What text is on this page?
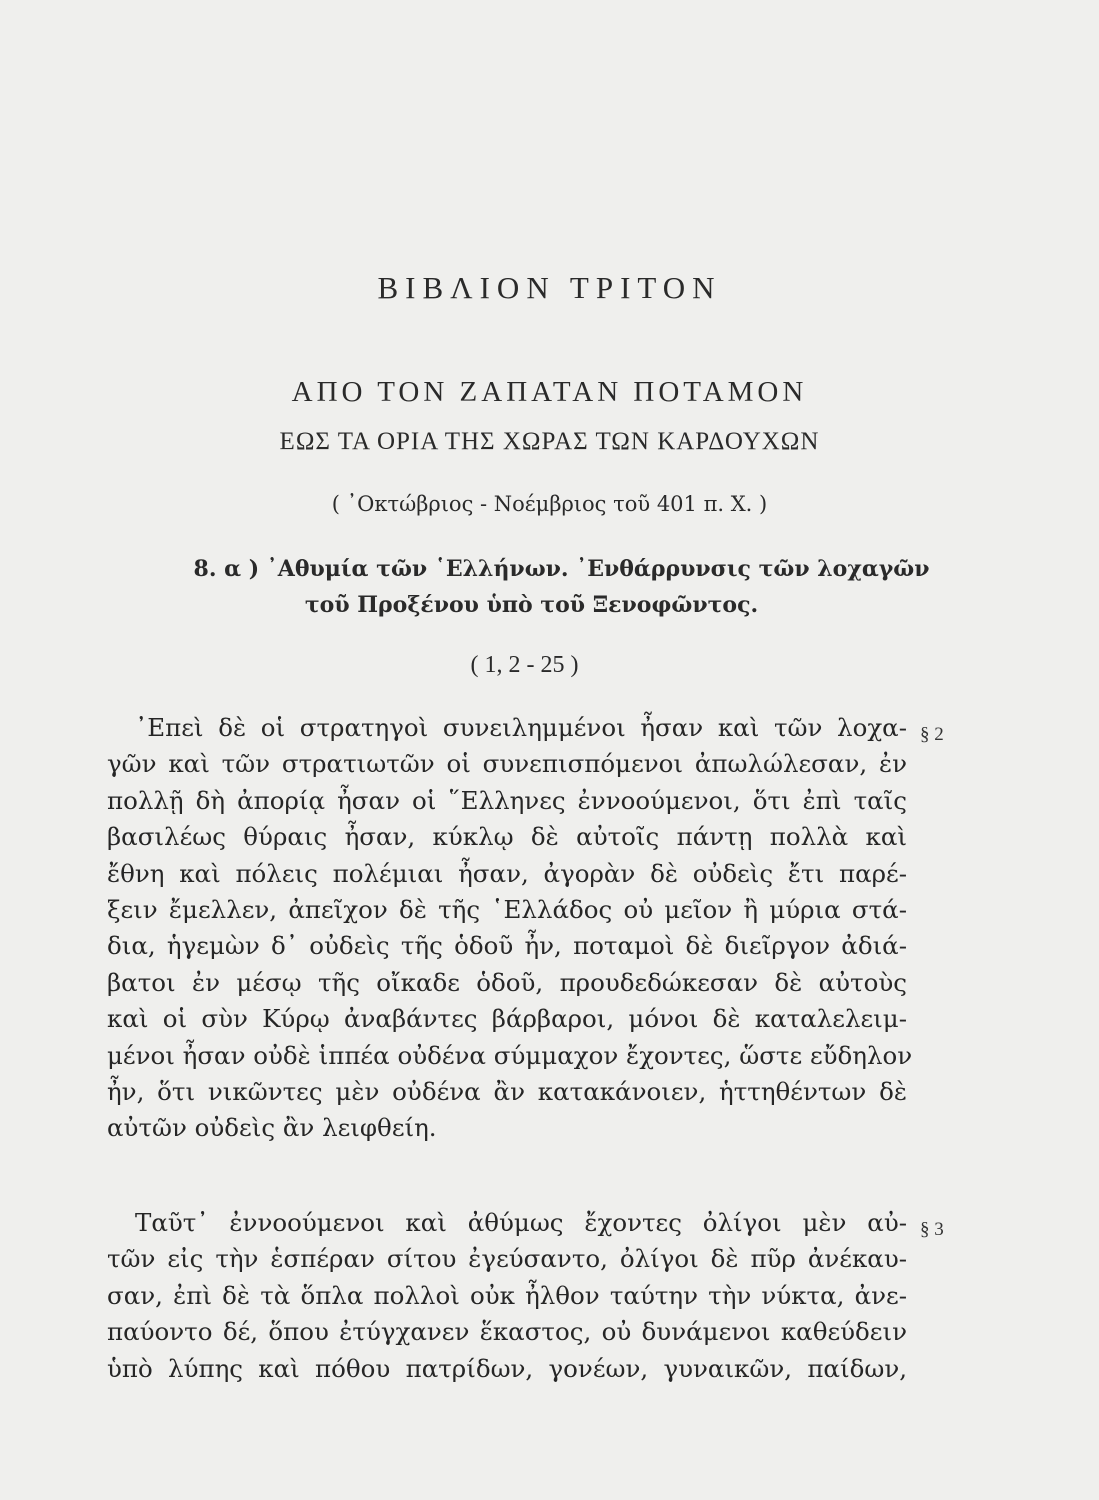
ΒΙΒΛΙΟΝ ΤΡΙΤΟΝ
ΑΠΟ ΤΟΝ ΖΑΠΑΤΑΝ ΠΟΤΑΜΟΝ
ΕΩΣ ΤΑ ΟΡΙΑ ΤΗΣ ΧΩΡΑΣ ΤΩΝ ΚΑΡΔΟΥΧΩΝ
( ᾿Οκτώβριος - Νοέμβριος τοῦ 401 π. Χ. )
8. α ) ᾿Αθυμία τῶν ῾Ελλήνων. ᾿Ενθάρρυνσις τῶν λοχαγῶν
τοῦ Προξένου ὑπὸ τοῦ Ξενοφῶντος.
( 1, 2 - 25 )
᾿Επεὶ δὲ οἱ στρατηγοὶ συνειλημμένοι ἦσαν καὶ τῶν λοχα-
γῶν καὶ τῶν στρατιωτῶν οἱ συνεπισπόμενοι ἀπωλώλεσαν, ἐν
πολλῇ δὴ ἀπορίᾳ ἦσαν οἱ ῞Ελληνες ἐννοούμενοι, ὅτι ἐπὶ ταῖς
βασιλέως θύραις ἦσαν, κύκλῳ δὲ αὐτοῖς πάντῃ πολλὰ καὶ
ἔθνη καὶ πόλεις πολέμιαι ἦσαν, ἀγορὰν δὲ οὐδεὶς ἔτι παρέ-
ξειν ἔμελλεν, ἀπεῖχον δὲ τῆς ῾Ελλάδος οὐ μεῖον ἢ μύρια στά-
δια, ἡγεμὼν δ᾿ οὐδεὶς τῆς ὁδοῦ ἦν, ποταμοὶ δὲ διεῖργον ἀδιά-
βατοι ἐν μέσῳ τῆς οἴκαδε ὁδοῦ, προυδεδώκεσαν δὲ αὐτοὺς
καὶ οἱ σὺν Κύρῳ ἀναβάντες βάρβαροι, μόνοι δὲ καταλελειμ-
μένοι ἦσαν οὐδὲ ἱππέα οὐδένα σύμμαχον ἔχοντες, ὥστε εὔδηλον
ἦν, ὅτι νικῶντες μὲν οὐδένα ἂν κατακάνοιεν, ἡττηθέντων δὲ
αὐτῶν οὐδεὶς ἂν λειφθείη.
§ 2
Ταῦτ᾿ ἐννοούμενοι καὶ ἀθύμως ἔχοντες ὀλίγοι μὲν αὐ-
τῶν εἰς τὴν ἑσπέραν σίτου ἐγεύσαντο, ὀλίγοι δὲ πῦρ ἀνέκαυ-
σαν, ἐπὶ δὲ τὰ ὅπλα πολλοὶ οὐκ ἦλθον ταύτην τὴν νύκτα, ἀνε-
παύοντο δέ, ὅπου ἐτύγχανεν ἕκαστος, οὐ δυνάμενοι καθεύδειν
ὑπὸ λύπης καὶ πόθου πατρίδων, γονέων, γυναικῶν, παίδων,
§ 3
